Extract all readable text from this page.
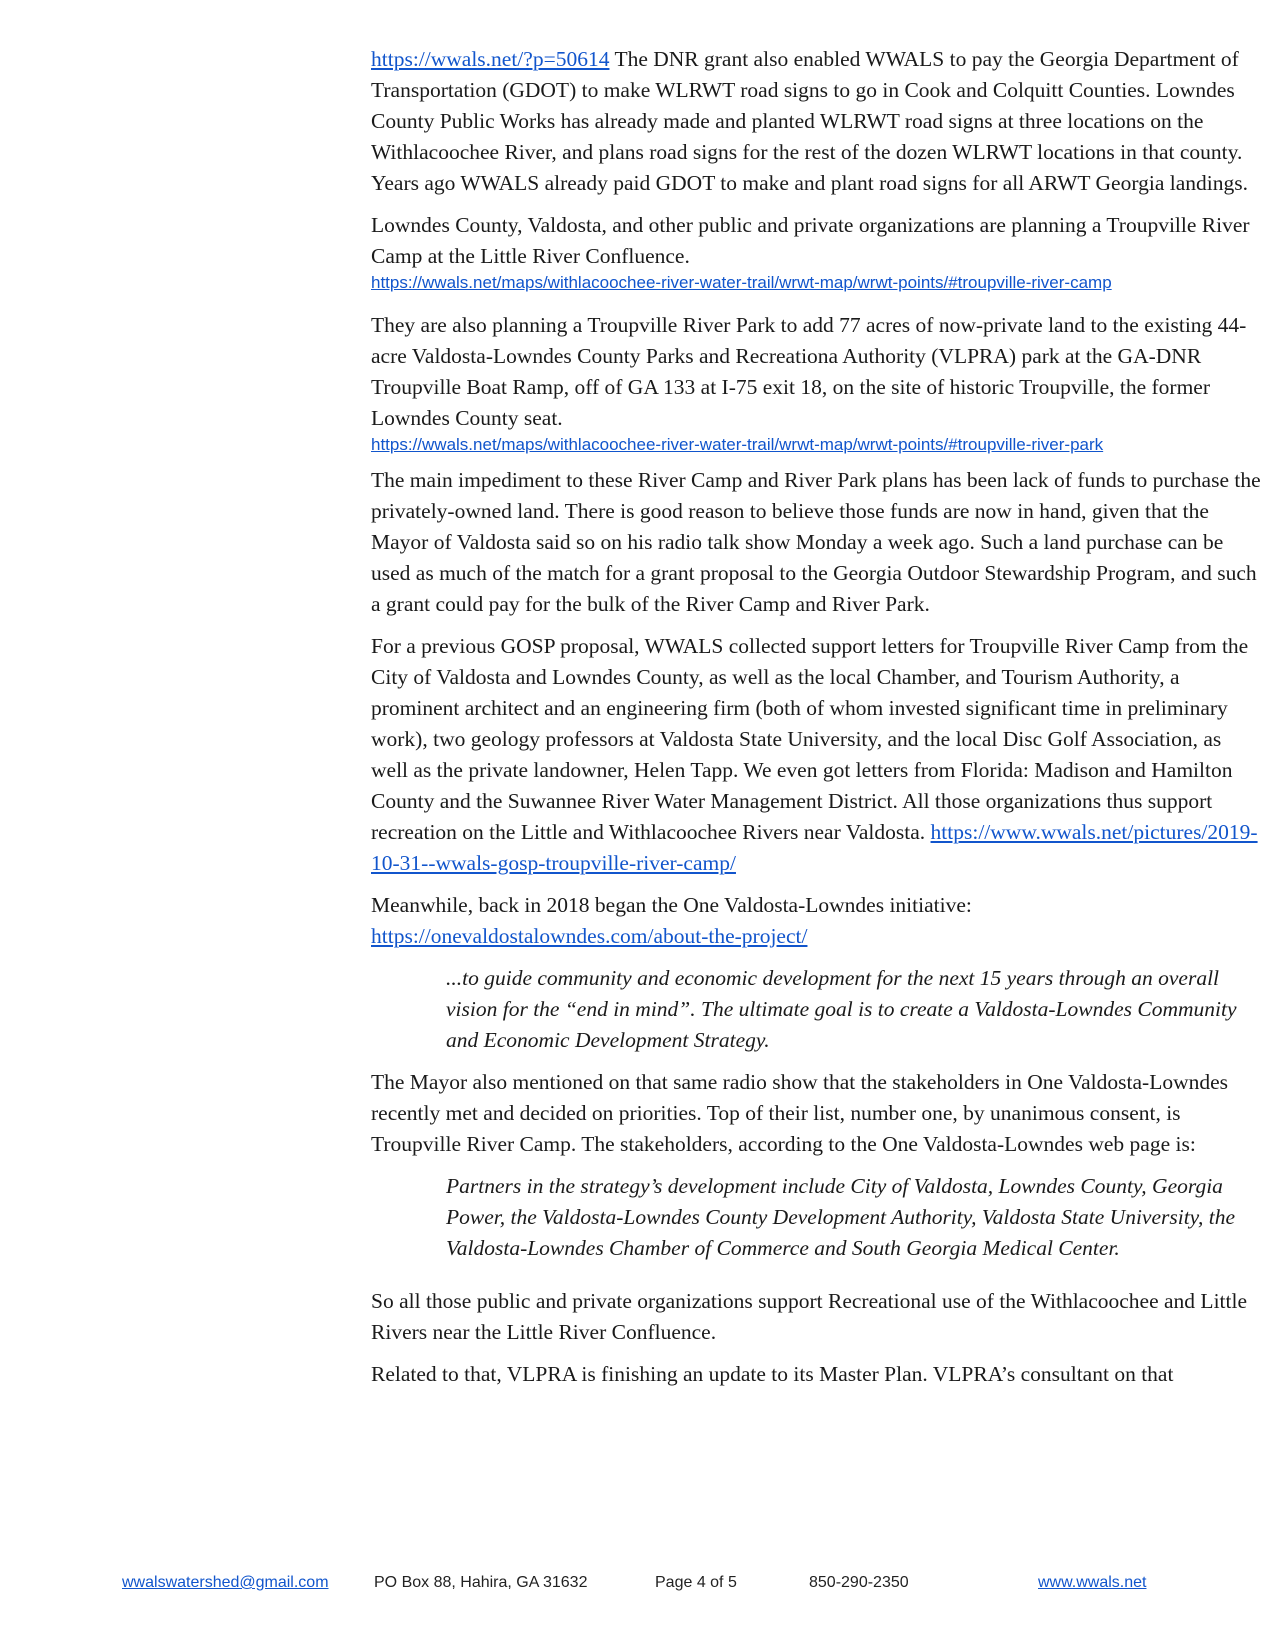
https://wwals.net/?p=50614 The DNR grant also enabled WWALS to pay the Georgia Department of Transportation (GDOT) to make WLRWT road signs to go in Cook and Colquitt Counties. Lowndes County Public Works has already made and planted WLRWT road signs at three locations on the Withlacoochee River, and plans road signs for the rest of the dozen WLRWT locations in that county. Years ago WWALS already paid GDOT to make and plant road signs for all ARWT Georgia landings.

Lowndes County, Valdosta, and other public and private organizations are planning a Troupville River Camp at the Little River Confluence.

https://wwals.net/maps/withlacoochee-river-water-trail/wrwt-map/wrwt-points/#troupville-river-camp

They are also planning a Troupville River Park to add 77 acres of now-private land to the existing 44-acre Valdosta-Lowndes County Parks and Recreationa Authority (VLPRA) park at the GA-DNR Troupville Boat Ramp, off of GA 133 at I-75 exit 18, on the site of historic Troupville, the former Lowndes County seat.

https://wwals.net/maps/withlacoochee-river-water-trail/wrwt-map/wrwt-points/#troupville-river-park

The main impediment to these River Camp and River Park plans has been lack of funds to purchase the privately-owned land. There is good reason to believe those funds are now in hand, given that the Mayor of Valdosta said so on his radio talk show Monday a week ago. Such a land purchase can be used as much of the match for a grant proposal to the Georgia Outdoor Stewardship Program, and such a grant could pay for the bulk of the River Camp and River Park.

For a previous GOSP proposal, WWALS collected support letters for Troupville River Camp from the City of Valdosta and Lowndes County, as well as the local Chamber, and Tourism Authority, a prominent architect and an engineering firm (both of whom invested significant time in preliminary work), two geology professors at Valdosta State University, and the local Disc Golf Association, as well as the private landowner, Helen Tapp. We even got letters from Florida: Madison and Hamilton County and the Suwannee River Water Management District. All those organizations thus support recreation on the Little and Withlacoochee Rivers near Valdosta. https://www.wwals.net/pictures/2019-10-31--wwals-gosp-troupville-river-camp/

Meanwhile, back in 2018 began the One Valdosta-Lowndes initiative: https://onevaldostalowndes.com/about-the-project/

...to guide community and economic development for the next 15 years through an overall vision for the “end in mind”. The ultimate goal is to create a Valdosta-Lowndes Community and Economic Development Strategy.

The Mayor also mentioned on that same radio show that the stakeholders in One Valdosta-Lowndes recently met and decided on priorities. Top of their list, number one, by unanimous consent, is Troupville River Camp. The stakeholders, according to the One Valdosta-Lowndes web page is:

Partners in the strategy’s development include City of Valdosta, Lowndes County, Georgia Power, the Valdosta-Lowndes County Development Authority, Valdosta State University, the Valdosta-Lowndes Chamber of Commerce and South Georgia Medical Center.

So all those public and private organizations support Recreational use of the Withlacoochee and Little Rivers near the Little River Confluence.

Related to that, VLPRA is finishing an update to its Master Plan. VLPRA’s consultant on that

wwalswatershed@gmail.com	PO Box 88, Hahira, GA 31632	Page 4 of 5	850-290-2350	www.wwals.net
